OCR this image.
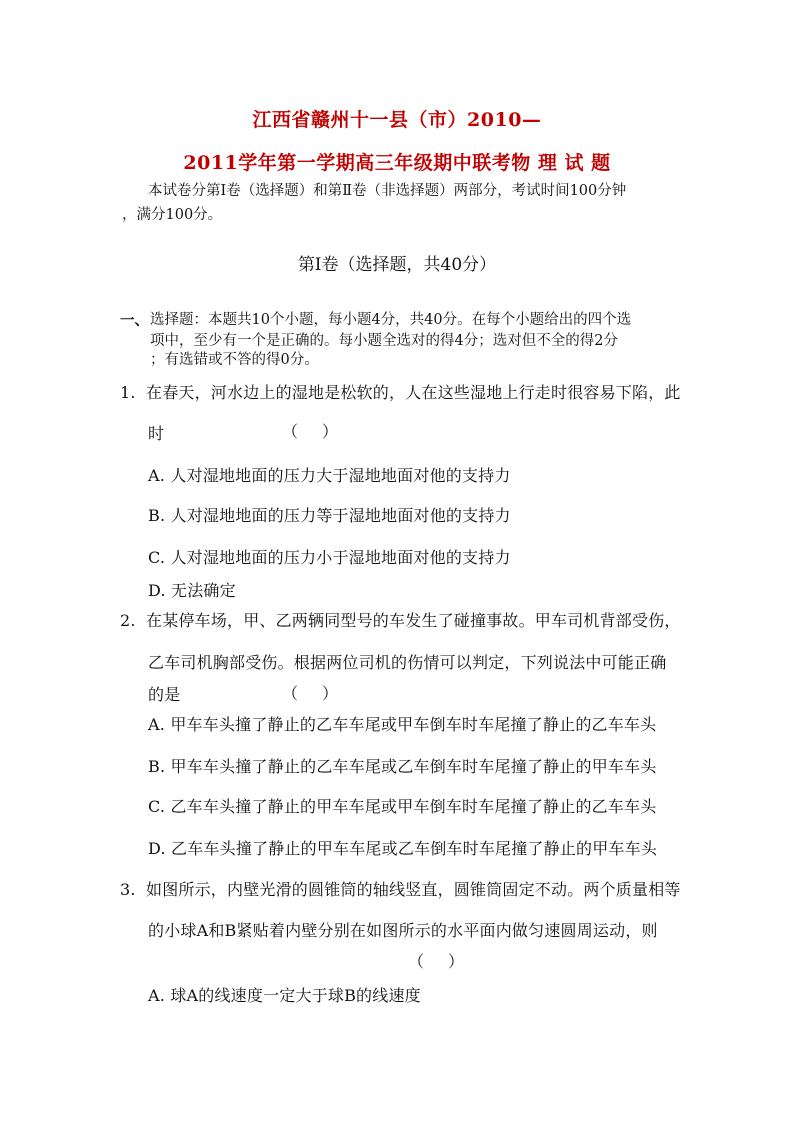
江西省赣州十一县（市）2010—
2011学年第一学期高三年级期中联考物 理 试 题
本试卷分第Ⅰ卷（选择题）和第Ⅱ卷（非选择题）两部分，考试时间100分钟
，满分100分。
第Ⅰ卷（选择题，共40分）
一、 选择题：本题共10个小题，每小题4分，共40分。在每个小题给出的四个选
项中，至少有一个是正确的。每小题全选对的得4分；选对但不全的得2分
；有选错或不答的得0分。
1. 在春天，河水边上的湿地是松软的，人在这些湿地上行走时很容易下陷，此
时	（　）
A. 人对湿地地面的压力大于湿地地面对他的支持力
B. 人对湿地地面的压力等于湿地地面对他的支持力
C. 人对湿地地面的压力小于湿地地面对他的支持力
D. 无法确定
2. 在某停车场，甲、乙两辆同型号的车发生了碰撞事故。甲车司机背部受伤，
乙车司机胸部受伤。根据两位司机的伤情可以判定，下列说法中可能正确
的是	（　）
A. 甲车车头撞了静止的乙车车尾或甲车倒车时车尾撞了静止的乙车车头
B. 甲车车头撞了静止的乙车车尾或乙车倒车时车尾撞了静止的甲车车头
C. 乙车车头撞了静止的甲车车尾或甲车倒车时车尾撞了静止的乙车车头
D. 乙车车头撞了静止的甲车车尾或乙车倒车时车尾撞了静止的甲车车头
3. 如图所示，内壁光滑的圆锥筒的轴线竖直，圆锥筒固定不动。两个质量相等
的小球A和B紧贴着内壁分别在如图所示的水平面内做匀速圆周运动，则
（　）
A. 球A的线速度一定大于球B的线速度
